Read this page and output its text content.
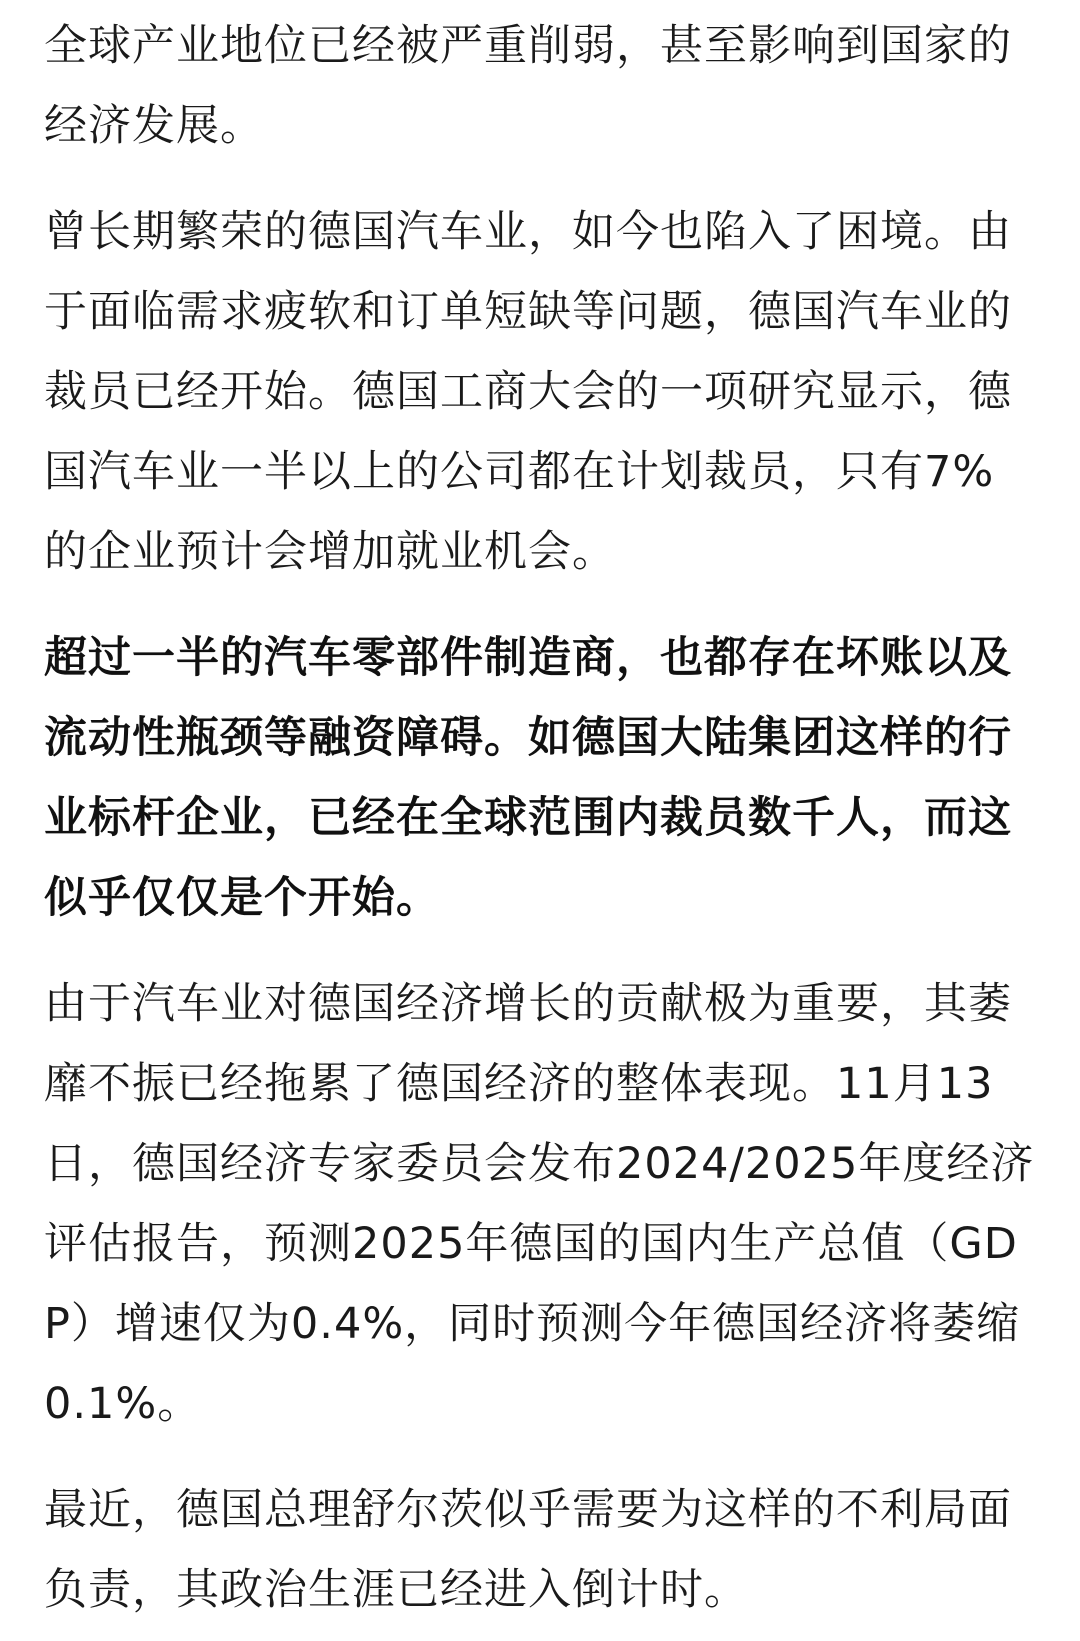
全球产业地位已经被严重削弱，甚至影响到国家的经济发展。

曾长期繁荣的德国汽车业，如今也陷入了困境。由于面临需求疲软和订单短缺等问题，德国汽车业的裁员已经开始。德国工商大会的一项研究显示，德国汽车业一半以上的公司都在计划裁员，只有7%的企业预计会增加就业机会。

超过一半的汽车零部件制造商，也都存在坏账以及流动性瓶颈等融资障碍。如德国大陆集团这样的行业标杆企业，已经在全球范围内裁员数千人，而这似乎仅仅是个开始。

由于汽车业对德国经济增长的贡献极为重要，其萎靡不振已经拖累了德国经济的整体表现。11月13日，德国经济专家委员会发布2024/2025年度经济评估报告，预测2025年德国的国内生产总值（GDP）增速仅为0.4%，同时预测今年德国经济将萎缩0.1%。

最近，德国总理舒尔茨似乎需要为这样的不利局面负责，其政治生涯已经进入倒计时。
